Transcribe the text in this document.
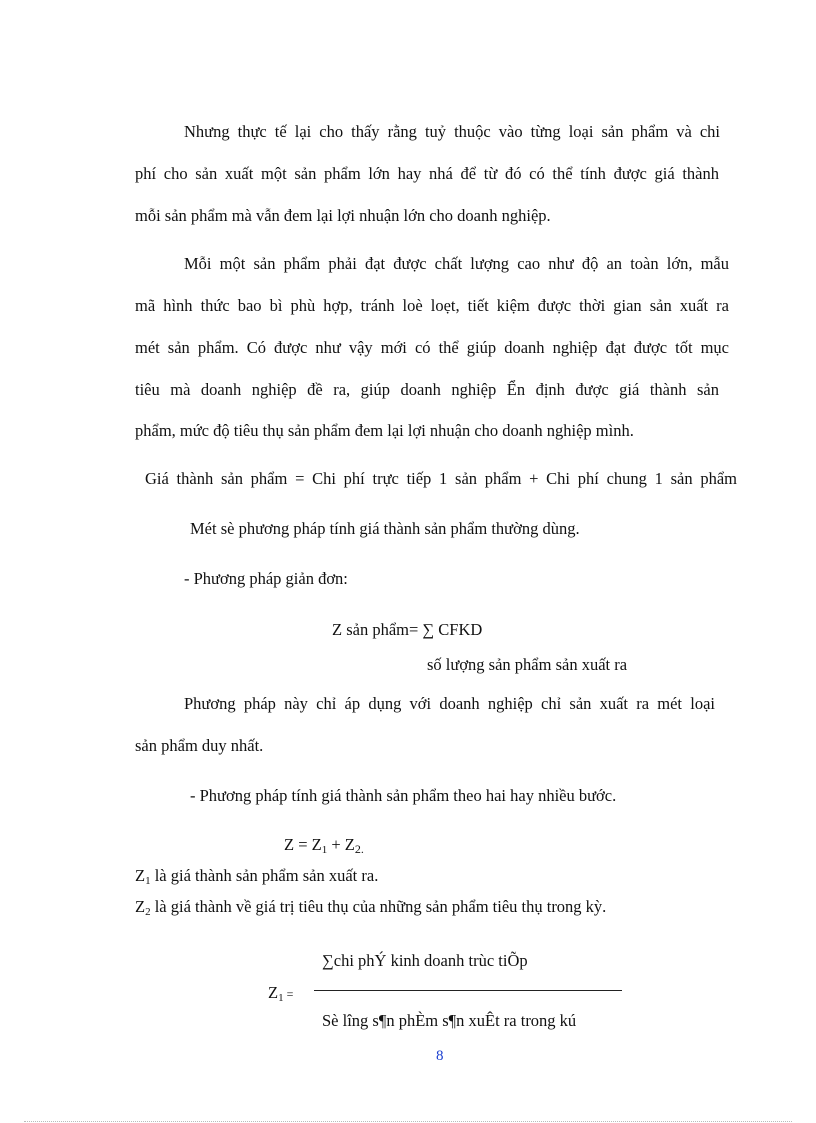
Nhưng thực tế lại cho thấy rằng tuỷ thuộc vào từng loại sản phẩm và chi

phí cho sản xuất một sản phẩm lớn hay nhá để từ đó có thể tính được giá thành

mỗi sản phẩm mà vẫn đem lại lợi nhuận lớn cho doanh nghiệp.

Mỗi một sản phẩm phải đạt được chất lượng cao như độ an toàn lớn, mẫu

mã hình thức bao bì phù hợp, tránh loè loẹt, tiết kiệm được thời gian sản xuất ra

mét sản phẩm. Có được như vậy mới có thể giúp doanh nghiệp đạt được tốt mục

tiêu mà doanh nghiệp đề ra, giúp doanh nghiệp Ển định được giá thành sản

phẩm, mức độ tiêu thụ sản phẩm đem lại lợi nhuận cho doanh nghiệp mình.

Giá thành sản phẩm = Chi phí trực tiếp 1 sản phẩm + Chi phí chung 1 sản phẩm

Mét sè phương pháp tính giá thành sản phẩm thường dùng.

- Phương pháp giản đơn:

Z sản phẩm= ∑ CFKD

số lượng sản phẩm sản xuất ra

Phương pháp này chỉ áp dụng với doanh nghiệp chỉ sản xuất ra mét loại

sản phẩm duy nhất.

- Phương pháp tính giá thành sản phẩm theo hai hay nhiều bước.

$Z = Z_1 + Z_{2.}$

$Z_1$ là giá thành sản phẩm sản xuất ra.

$Z_2$ là giá thành về giá trị tiêu thụ của những sản phẩm tiêu thụ trong kỳ.

∑chi phÝ kinh doanh trùc tiÕp

$Z_1$ =

Sè lîng s¶n phÈm s¶n xuÊt ra trong kú

8
